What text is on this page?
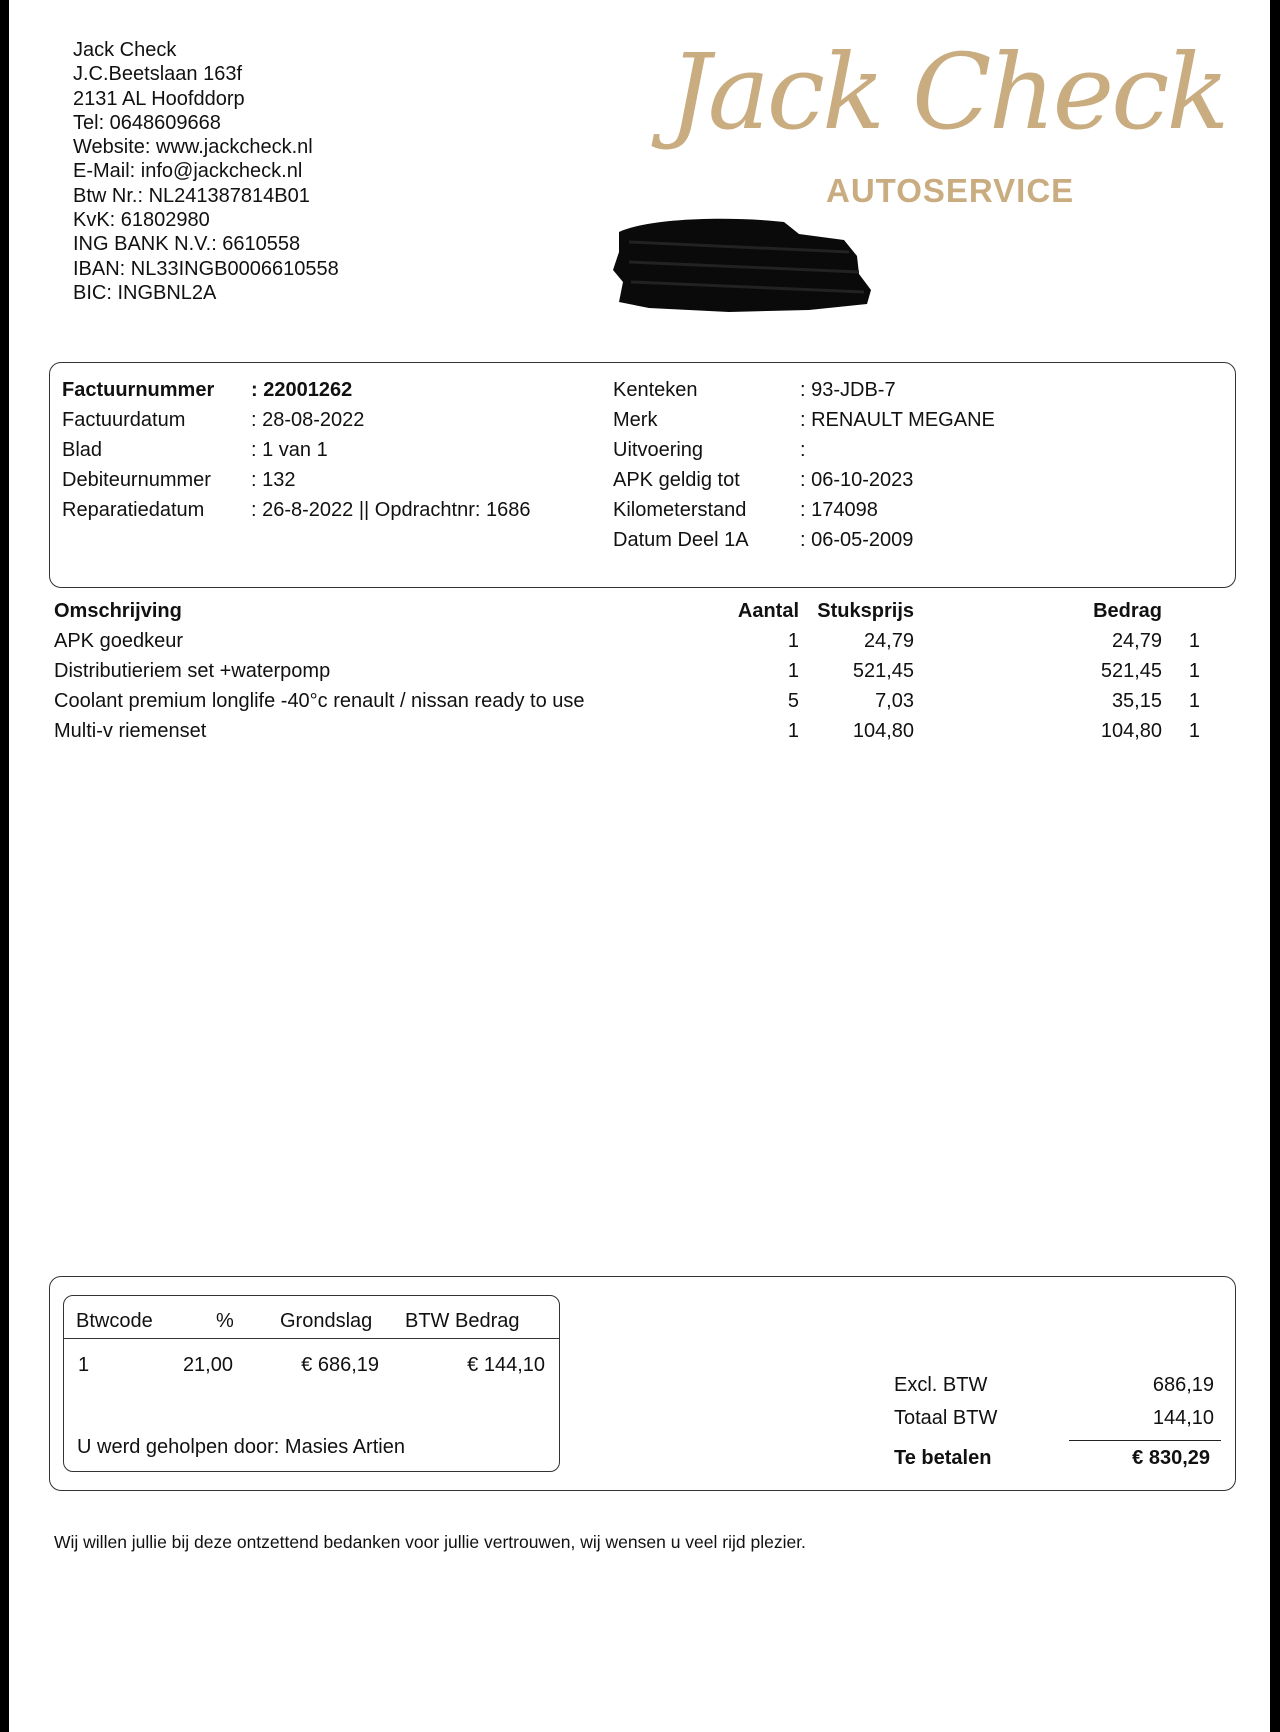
Jack Check
J.C.Beetslaan 163f
2131 AL Hoofddorp
Tel: 0648609668
Website: www.jackcheck.nl
E-Mail: info@jackcheck.nl
Btw Nr.: NL241387814B01
KvK: 61802980
ING BANK N.V.: 6610558
IBAN: NL33INGB0006610558
BIC: INGBNL2A
Jack Check
AUTOSERVICE
Factuurnummer : 22001262
Factuurdatum	: 28-08-2022
Blad	: 1 van 1
Debiteurnummer : 132
Reparatiedatum : 26-8-2022 || Opdrachtnr: 1686
Kenteken	: 93-JDB-7
Merk	: RENAULT MEGANE
Uitvoering	:
APK geldig tot	: 06-10-2023
Kilometerstand	: 174098
Datum Deel 1A	: 06-05-2009
Omschrijving	Aantal Stuksprijs	Bedrag
APK goedkeur	1	24,79	24,79 1
Distributieriem set +waterpomp	1	521,45	521,45 1
Coolant premium longlife -40°c renault / nissan ready to use	5	7,03	35,15 1
Multi-v riemenset	1	104,80	104,80 1
Btwcode	% Grondslag BTW Bedrag
1	21,00	€ 686,19	€ 144,10
U werd geholpen door: Masies Artien
Excl. BTW	686,19
Totaal BTW	144,10
Te betalen	€ 830,29
Wij willen jullie bij deze ontzettend bedanken voor jullie vertrouwen, wij wensen u veel rijd plezier.
